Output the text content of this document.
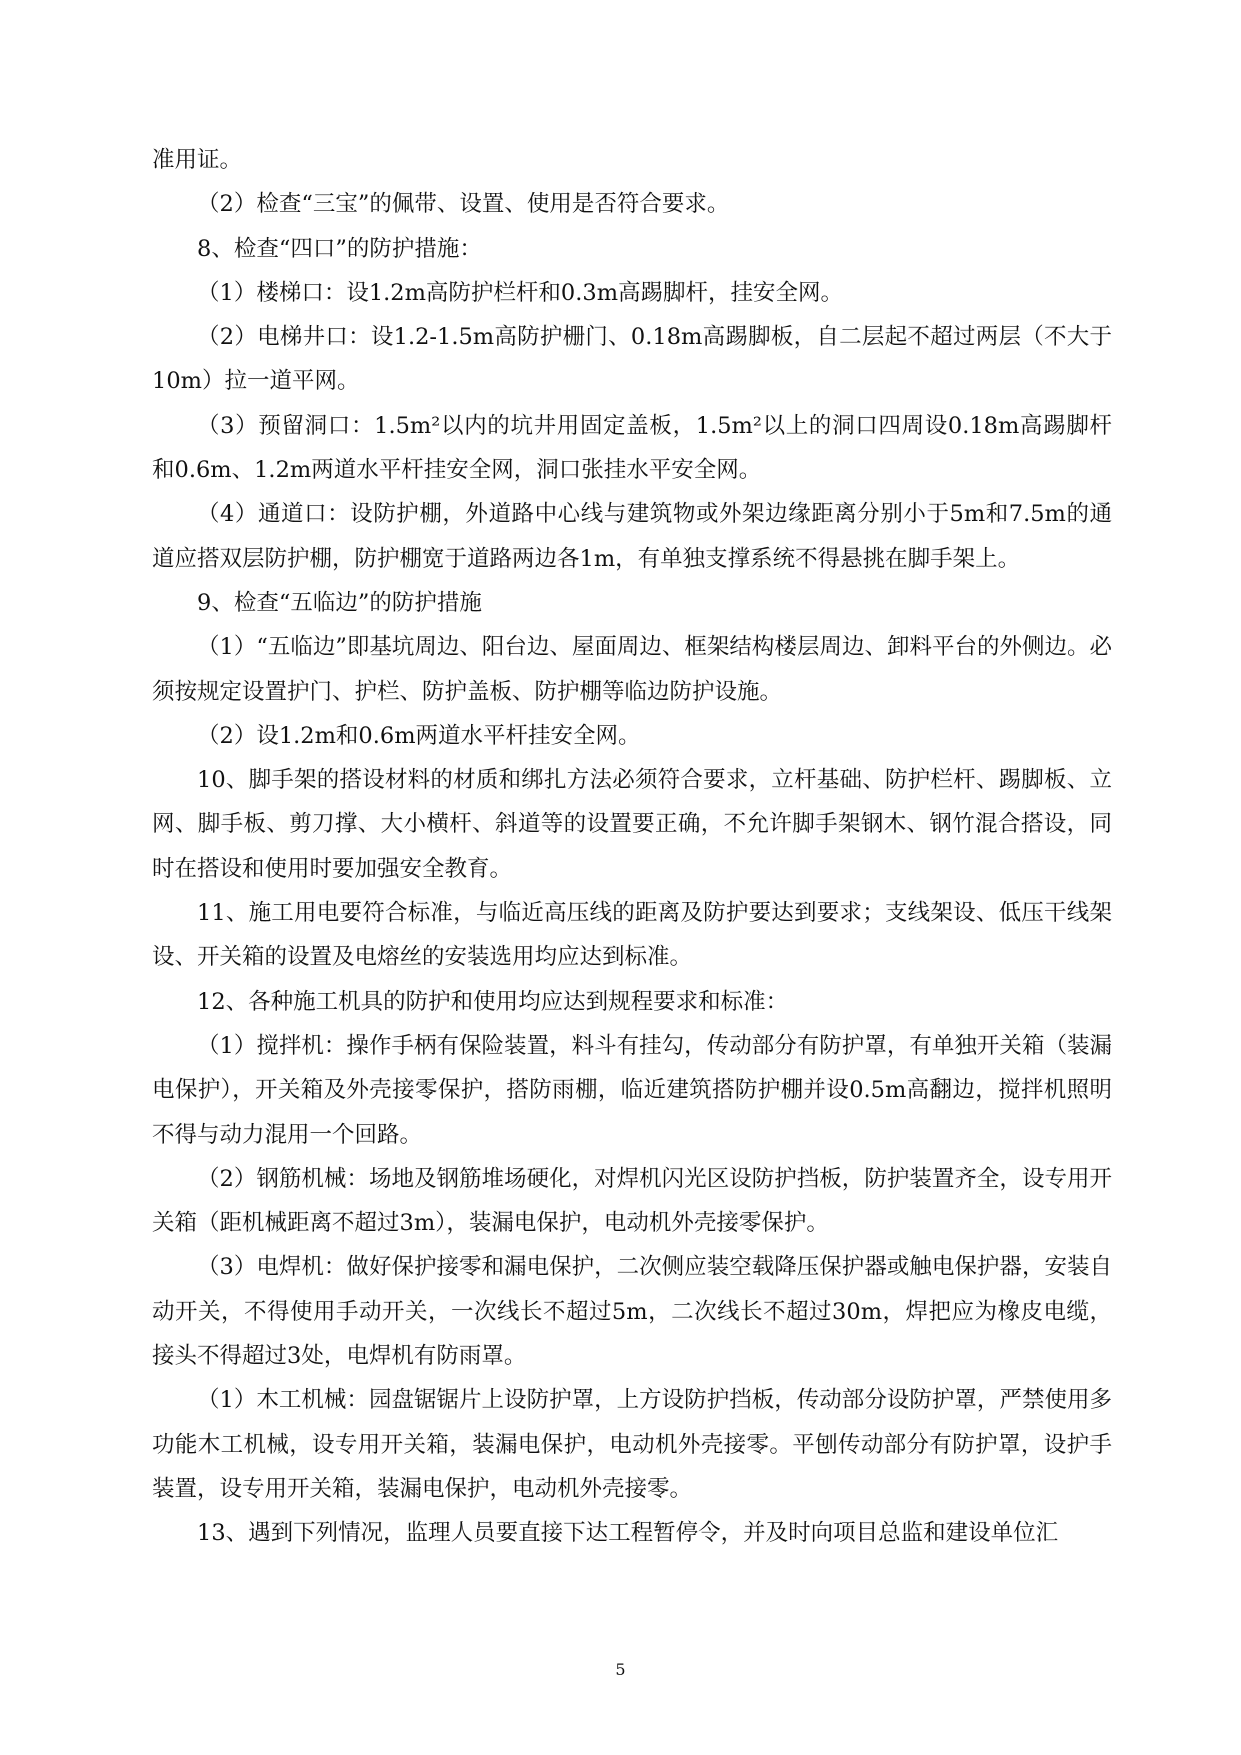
准用证。

（2）检查“三宝”的佩带、设置、使用是否符合要求。

8、检查“四口”的防护措施：

（1）楼梯口：设1.2m高防护栏杆和0.3m高踢脚杆，挂安全网。

（2）电梯井口：设1.2-1.5m高防护栅门、0.18m高踢脚板，自二层起不超过两层（不大于10m）拉一道平网。

（3）预留洞口：1.5m²以内的坑井用固定盖板，1.5m²以上的洞口四周设0.18m高踢脚杆和0.6m、1.2m两道水平杆挂安全网，洞口张挂水平安全网。

（4）通道口：设防护棚，外道路中心线与建筑物或外架边缘距离分别小于5m和7.5m的通道应搭双层防护棚，防护棚宽于道路两边各1m，有单独支撑系统不得悬挑在脚手架上。

9、检查“五临边”的防护措施

（1）“五临边”即基坑周边、阳台边、屋面周边、框架结构楼层周边、卸料平台的外侧边。必须按规定设置护门、护栏、防护盖板、防护棚等临边防护设施。

（2）设1.2m和0.6m两道水平杆挂安全网。

10、脚手架的搭设材料的材质和绑扎方法必须符合要求，立杆基础、防护栏杆、踢脚板、立网、脚手板、剪刀撑、大小横杆、斜道等的设置要正确，不允许脚手架钢木、钢竹混合搭设，同时在搭设和使用时要加强安全教育。

11、施工用电要符合标准，与临近高压线的距离及防护要达到要求；支线架设、低压干线架设、开关箱的设置及电熔丝的安装选用均应达到标准。

12、各种施工机具的防护和使用均应达到规程要求和标准：

（1）搅拌机：操作手柄有保险装置，料斗有挂勾，传动部分有防护罩，有单独开关箱（装漏电保护），开关箱及外壳接零保护，搭防雨棚，临近建筑搭防护棚并设0.5m高翻边，搅拌机照明不得与动力混用一个回路。

（2）钢筋机械：场地及钢筋堆场硬化，对焊机闪光区设防护挡板，防护装置齐全，设专用开关箱（距机械距离不超过3m），装漏电保护，电动机外壳接零保护。

（3）电焊机：做好保护接零和漏电保护，二次侧应装空载降压保护器或触电保护器，安装自动开关，不得使用手动开关，一次线长不超过5m，二次线长不超过30m，焊把应为橡皮电缆，接头不得超过3处，电焊机有防雨罩。

（1）木工机械：园盘锯锯片上设防护罩，上方设防护挡板，传动部分设防护罩，严禁使用多功能木工机械，设专用开关箱，装漏电保护，电动机外壳接零。平刨传动部分有防护罩，设护手装置，设专用开关箱，装漏电保护，电动机外壳接零。

13、遇到下列情况，监理人员要直接下达工程暂停令，并及时向项目总监和建设单位汇

5
